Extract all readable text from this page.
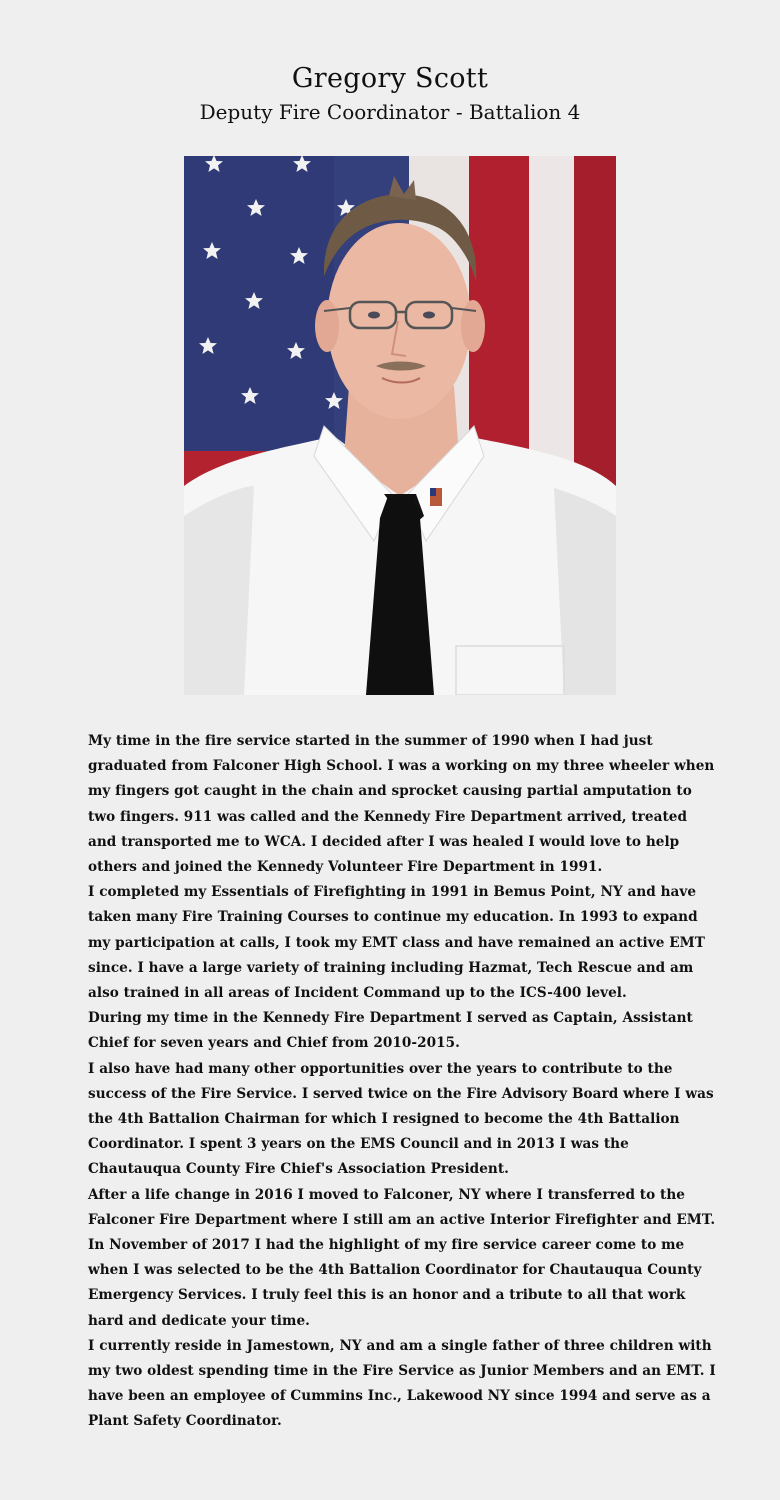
Gregory Scott
Deputy Fire Coordinator - Battalion 4

My time in the fire service started in the summer of 1990 when I had just graduated from Falconer High School. I was a working on my three wheeler when my fingers got caught in the chain and sprocket causing partial amputation to two fingers. 911 was called and the Kennedy Fire Department arrived, treated and transported me to WCA. I decided after I was healed I would love to help others and joined the Kennedy Volunteer Fire Department in 1991.

I completed my Essentials of Firefighting in 1991 in Bemus Point, NY and have taken many Fire Training Courses to continue my education. In 1993 to expand my participation at calls, I took my EMT class and have remained an active EMT since. I have a large variety of training including Hazmat, Tech Rescue and am also trained in all areas of Incident Command up to the ICS-400 level.

During my time in the Kennedy Fire Department I served as Captain, Assistant Chief for seven years and Chief from 2010-2015.

I also have had many other opportunities over the years to contribute to the success of the Fire Service. I served twice on the Fire Advisory Board where I was the 4th Battalion Chairman for which I resigned to become the 4th Battalion Coordinator. I spent 3 years on the EMS Council and in 2013 I was the Chautauqua County Fire Chief's Association President.

After a life change in 2016 I moved to Falconer, NY where I transferred to the Falconer Fire Department where I still am an active Interior Firefighter and EMT.

In November of 2017 I had the highlight of my fire service career come to me when I was selected to be the 4th Battalion Coordinator for Chautauqua County Emergency Services. I truly feel this is an honor and a tribute to all that work hard and dedicate your time.

I currently reside in Jamestown, NY and am a single father of three children with my two oldest spending time in the Fire Service as Junior Members and an EMT. I have been an employee of Cummins Inc., Lakewood NY since 1994 and serve as a Plant Safety Coordinator.
